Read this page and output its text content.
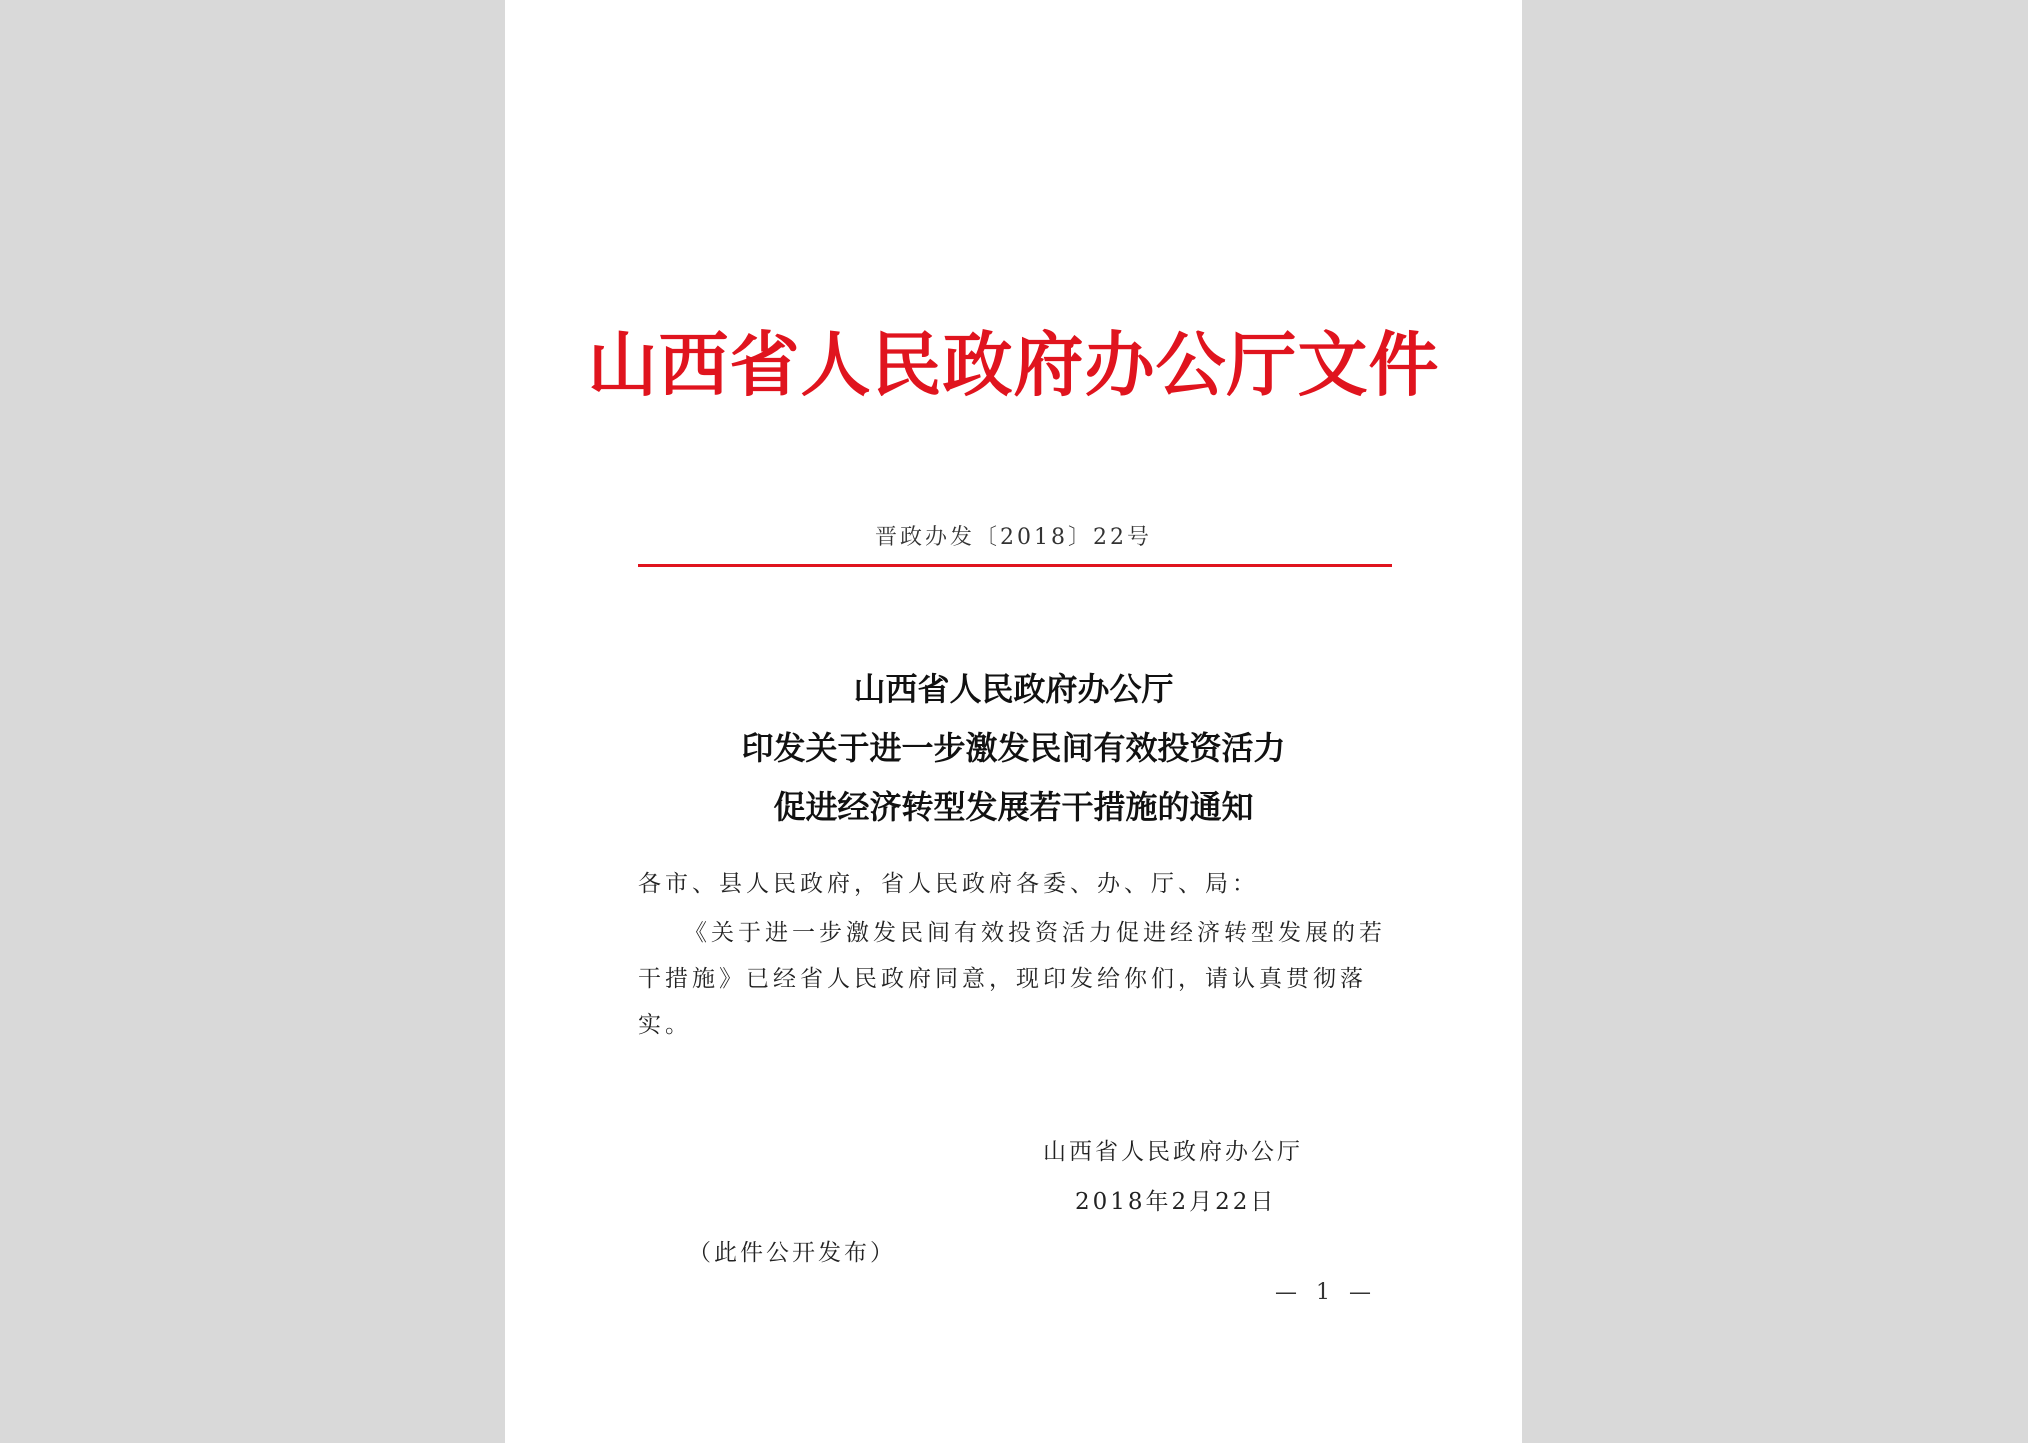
山西省人民政府办公厅文件
晋政办发〔2018〕22号
山西省人民政府办公厅
印发关于进一步激发民间有效投资活力
促进经济转型发展若干措施的通知
各市、县人民政府，省人民政府各委、办、厅、局：
《关于进一步激发民间有效投资活力促进经济转型发展的若干措施》已经省人民政府同意，现印发给你们，请认真贯彻落实。
山西省人民政府办公厅
2018年2月22日
（此件公开发布）
— 1 —
